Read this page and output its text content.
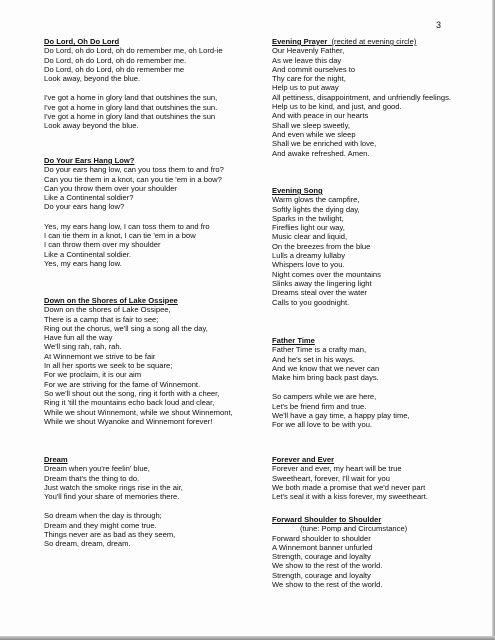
3
Do Lord, Oh Do Lord
Do Lord, oh do Lord, oh do remember me, oh Lord-ie
Do Lord, oh do Lord, oh do remember me.
Do Lord, oh do Lord, oh do remember me
Look away, beyond the blue.
I've got a home in glory land that outshines the sun,
I've got a home in glory land that outshines the sun.
I've got a home in glory land that outshines the sun
Look away beyond the blue.
Do Your Ears Hang Low?
Do your ears hang low, can you toss them to and fro?
Can you tie them in a knot, can you tie 'em in a bow?
Can you throw them over your shoulder
Like a Continental soldier?
Do your ears hang low?
Yes, my ears hang low, I can toss them to and fro
I can tie them in a knot, I can tie 'em in a bow
I can throw them over my shoulder
Like a Continental soldier.
Yes, my ears hang low.
Down on the Shores of Lake Ossipee
Down on the shores of Lake Ossipee,
There is a camp that is fair to see;
Ring out the chorus, we'll sing a song all the day,
Have fun all the way
We'll sing rah, rah, rah.
At Winnemont we strive to be fair
In all her sports we seek to be square;
For we proclaim, it is our aim
For we are striving for the fame of Winnemont.
So we'll shout out the song, ring it forth with a cheer,
Ring it 'till the mountains echo back loud and clear,
While we shout Winnemont, while we shout Winnemont,
While we shout Wyanoke and Winnemont forever!
Dream
Dream when you're feelin' blue,
Dream that's the thing to do.
Just watch the smoke rings rise in the air,
You'll find your share of memories there.
So dream when the day is through;
Dream and they might come true.
Things never are as bad as they seem,
So dream, dream, dream.
Evening Prayer  (recited at evening circle)
Our Heavenly Father,
As we leave this day
And commit ourselves to
Thy care for the night,
Help us to put away
All pettiness, disappointment, and unfriendly feelings.
Help us to be kind, and just, and good.
And with peace in our hearts
Shall we sleep sweetly,
And even while we sleep
Shall we be enriched with love,
And awake refreshed. Amen.
Evening Song
Warm glows the campfire,
Softly lights the dying day,
Sparks in the twilight,
Fireflies light our way,
Music clear and liquid,
On the breezes from the blue
Lulls a dreamy lullaby
Whispers love to you.
Night comes over the mountains
Slinks away the lingering light
Dreams steal over the water
Calls to you goodnight.
Father Time
Father Time is a crafty man,
And he's set in his ways.
And we know that we never can
Make him bring back past days.
So campers while we are here,
Let's be friend firm and true.
We'll have a gay time, a happy play time,
For we all love to be with you.
Forever and Ever
Forever and ever, my heart will be true
Sweetheart, forever, I'll wait for you
We both made a promise that we'd never part
Let's seal it with a kiss forever, my sweetheart.
Forward Shoulder to Shoulder
(tune: Pomp and Circumstance)
Forward shoulder to shoulder
A Winnemont banner unfurled
Strength, courage and loyalty
We show to the rest of the world.
Strength, courage and loyalty
We show to the rest of the world.
